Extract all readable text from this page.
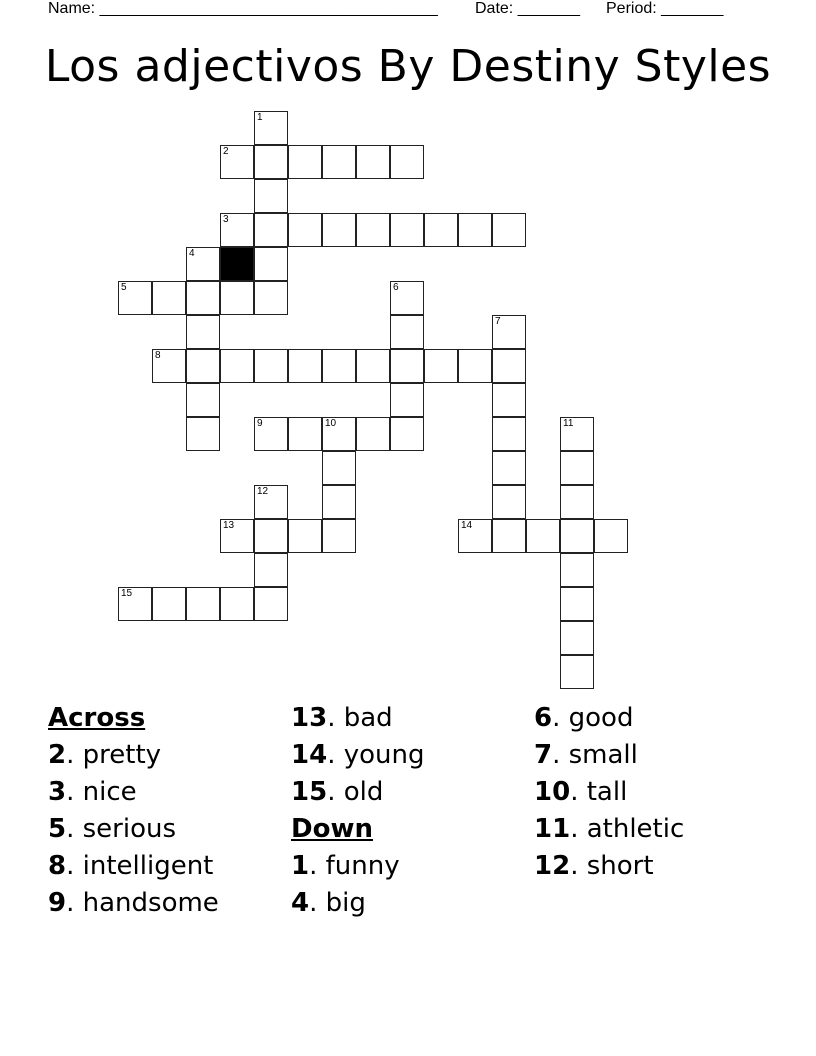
Name: ______________________________________

Date: _______

Period: _______

Los adjectivos By Destiny Styles
2
3
5
8
9	10
13	14
15
1
4
6
7
11
12
Across
2. pretty
3. nice
5. serious
8. intelligent
9. handsome
13. bad
14. young
15. old
Down
1. funny
4. big
6. good
7. small
10. tall
11. athletic
12. short
